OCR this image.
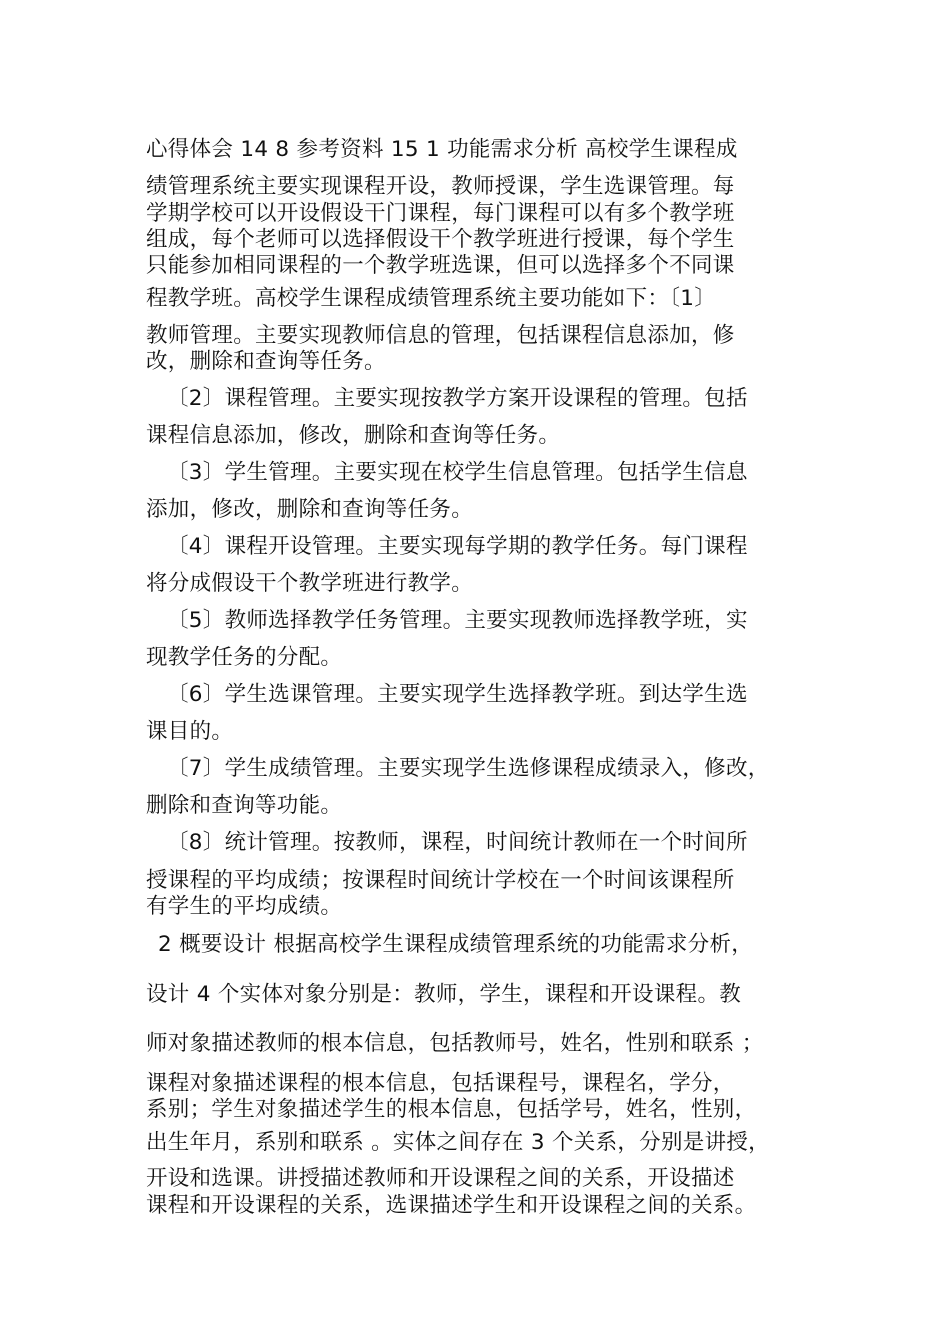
心得体会 14 8 参考资料 15 1 功能需求分析 高校学生课程成
绩管理系统主要实现课程开设，教师授课，学生选课管理。每
学期学校可以开设假设干门课程，每门课程可以有多个教学班
组成，每个老师可以选择假设干个教学班进行授课，每个学生
只能参加相同课程的一个教学班选课，但可以选择多个不同课
程教学班。高校学生课程成绩管理系统主要功能如下：〔1〕
教师管理。主要实现教师信息的管理，包括课程信息添加，修
改，删除和查询等任务。
〔2〕课程管理。主要实现按教学方案开设课程的管理。包括
课程信息添加，修改，删除和查询等任务。
〔3〕学生管理。主要实现在校学生信息管理。包括学生信息
添加，修改，删除和查询等任务。
〔4〕课程开设管理。主要实现每学期的教学任务。每门课程
将分成假设干个教学班进行教学。
〔5〕教师选择教学任务管理。主要实现教师选择教学班，实
现教学任务的分配。
〔6〕学生选课管理。主要实现学生选择教学班。到达学生选
课目的。
〔7〕学生成绩管理。主要实现学生选修课程成绩录入，修改，
删除和查询等功能。
〔8〕统计管理。按教师，课程，时间统计教师在一个时间所
授课程的平均成绩；按课程时间统计学校在一个时间该课程所
有学生的平均成绩。
2 概要设计 根据高校学生课程成绩管理系统的功能需求分析，
设计 4 个实体对象分别是：教师，学生，课程和开设课程。教
师对象描述教师的根本信息，包括教师号，姓名，性别和联系 ；
课程对象描述课程的根本信息，包括课程号，课程名，学分，
系别；学生对象描述学生的根本信息，包括学号，姓名，性别，
出生年月，系别和联系 。实体之间存在 3 个关系，分别是讲授，
开设和选课。讲授描述教师和开设课程之间的关系，开设描述
课程和开设课程的关系，选课描述学生和开设课程之间的关系。
